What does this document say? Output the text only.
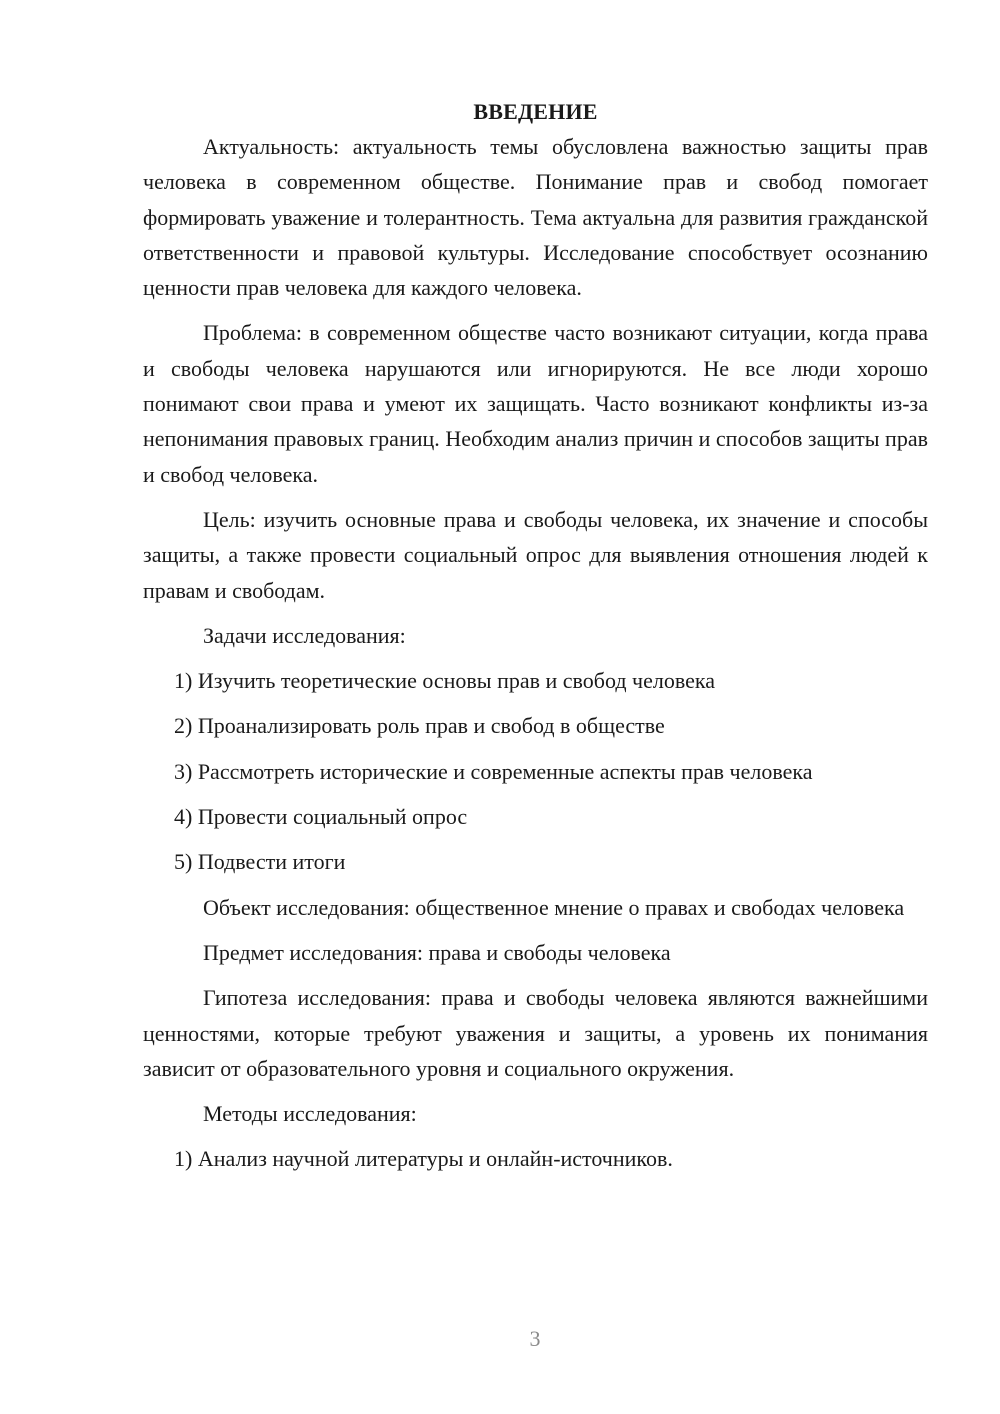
ВВЕДЕНИЕ

Актуальность: актуальность темы обусловлена важностью защиты прав человека в современном обществе. Понимание прав и свобод помогает формировать уважение и толерантность. Тема актуальна для развития гражданской ответственности и правовой культуры. Исследование способствует осознанию ценности прав человека для каждого человека.

Проблема: в современном обществе часто возникают ситуации, когда права и свободы человека нарушаются или игнорируются. Не все люди хорошо понимают свои права и умеют их защищать. Часто возникают конфликты из-за непонимания правовых границ. Необходим анализ причин и способов защиты прав и свобод человека.

Цель: изучить основные права и свободы человека, их значение и способы защиты, а также провести социальный опрос для выявления отношения людей к правам и свободам.

Задачи исследования:

1) Изучить теоретические основы прав и свобод человека

2) Проанализировать роль прав и свобод в обществе

3) Рассмотреть исторические и современные аспекты прав человека

4) Провести социальный опрос

5) Подвести итоги

Объект исследования: общественное мнение о правах и свободах человека

Предмет исследования: права и свободы человека

Гипотеза исследования: права и свободы человека являются важнейшими ценностями, которые требуют уважения и защиты, а уровень их понимания зависит от образовательного уровня и социального окружения.

Методы исследования:

1) Анализ научной литературы и онлайн-источников.

3
